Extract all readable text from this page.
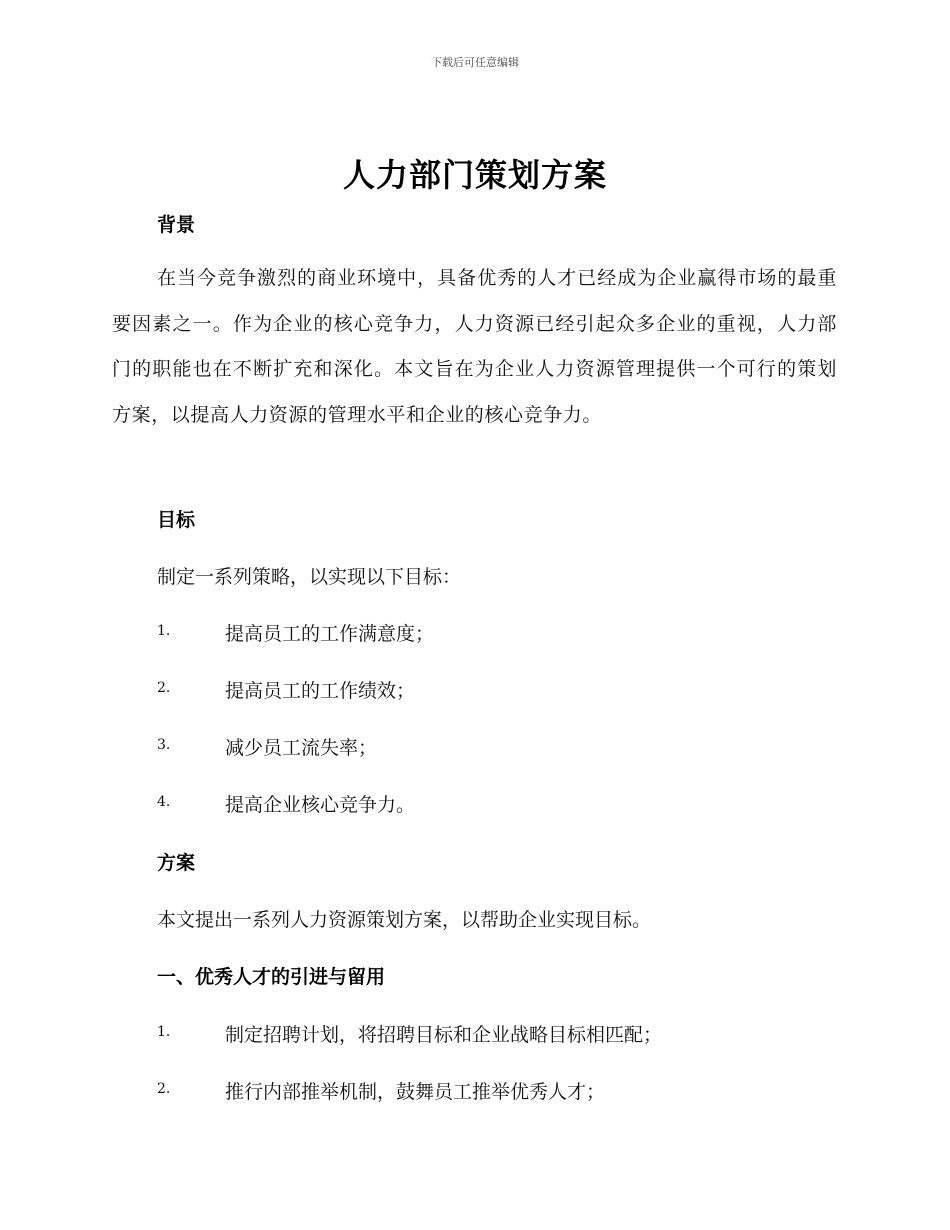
下载后可任意编辑
人力部门策划方案
背景
在当今竞争激烈的商业环境中，具备优秀的人才已经成为企业赢得市场的最重要因素之一。作为企业的核心竞争力，人力资源已经引起众多企业的重视，人力部门的职能也在不断扩充和深化。本文旨在为企业人力资源管理提供一个可行的策划方案，以提高人力资源的管理水平和企业的核心竞争力。
目标
制定一系列策略，以实现以下目标：
1.	提高员工的工作满意度；
2.	提高员工的工作绩效；
3.	减少员工流失率；
4.	提高企业核心竞争力。
方案
本文提出一系列人力资源策划方案，以帮助企业实现目标。
一、优秀人才的引进与留用
1.	制定招聘计划，将招聘目标和企业战略目标相匹配；
2.	推行内部推举机制，鼓舞员工推举优秀人才；
